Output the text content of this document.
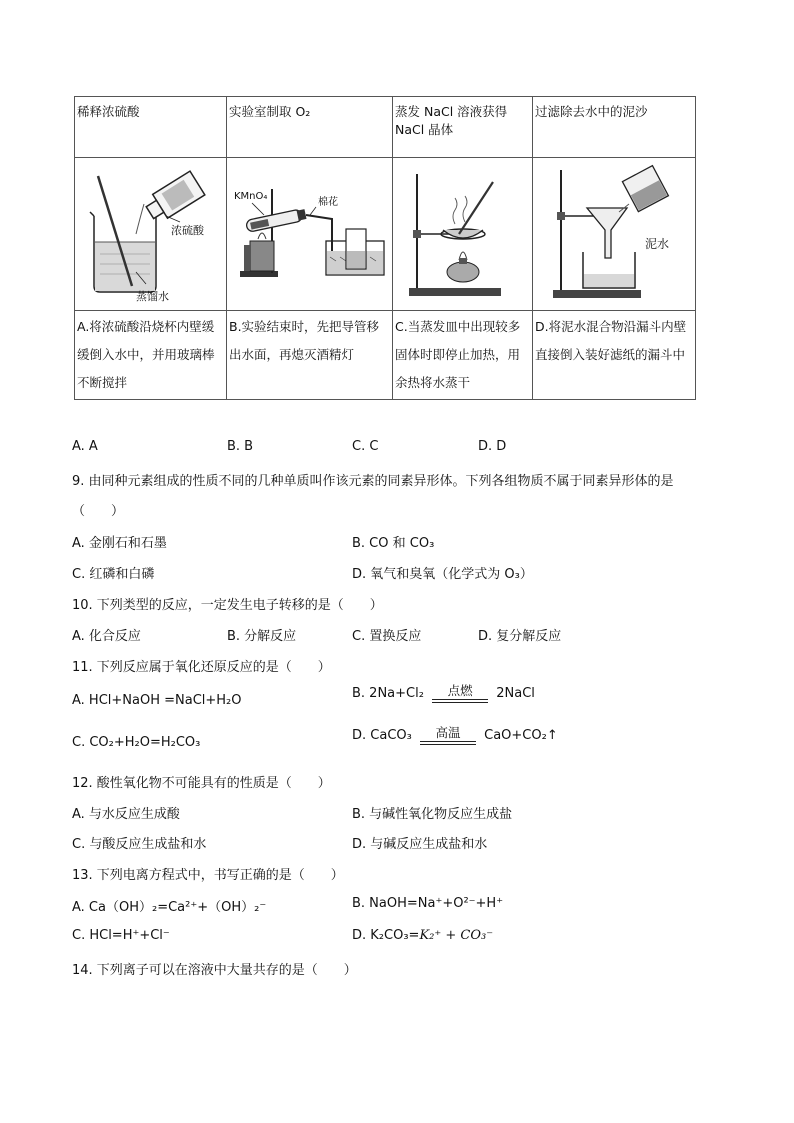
稀释浓硫酸	实验室制取 O₂	蒸发 NaCl 溶液获得 NaCl 晶体	过滤除去水中的泥沙

浓硫酸
蒸馏水	KMnO₄
棉花		泥水

A.将浓硫酸沿烧杯内壁缓缓倒入水中，并用玻璃棒不断搅拌	B.实验结束时，先把导管移出水面，再熄灭酒精灯	C.当蒸发皿中出现较多固体时即停止加热，用余热将水蒸干	D.将泥水混合物沿漏斗内壁直接倒入装好滤纸的漏斗中
A. A	B. B	C. C	D. D
9. 由同种元素组成的性质不同的几种单质叫作该元素的同素异形体。下列各组物质不属于同素异形体的是
（　　）
A. 金刚石和石墨	B. CO 和 CO₃
C. 红磷和白磷	D. 氧气和臭氧（化学式为 O₃）
10. 下列类型的反应，一定发生电子转移的是（　　）
A. 化合反应	B. 分解反应	C. 置换反应	D. 复分解反应
11. 下列反应属于氧化还原反应的是（　　）
A. HCl+NaOH =NaCl+H₂O	B. 2Na+Cl₂	点燃	2NaCl
C. CO₂+H₂O=H₂CO₃	D. CaCO₃	高温	CaO+CO₂↑
12. 酸性氧化物不可能具有的性质是（　　）
A. 与水反应生成酸	B. 与碱性氧化物反应生成盐
C. 与酸反应生成盐和水	D. 与碱反应生成盐和水
13. 下列电离方程式中，书写正确的是（　　）
A. Ca（OH）₂=Ca²⁺+（OH）₂⁻	B. NaOH=Na⁺+O²⁻+H⁺
C. HCl=H⁺+Cl⁻	D. K₂CO₃=K₂⁺ + CO₃⁻
14. 下列离子可以在溶液中大量共存的是（　　）
